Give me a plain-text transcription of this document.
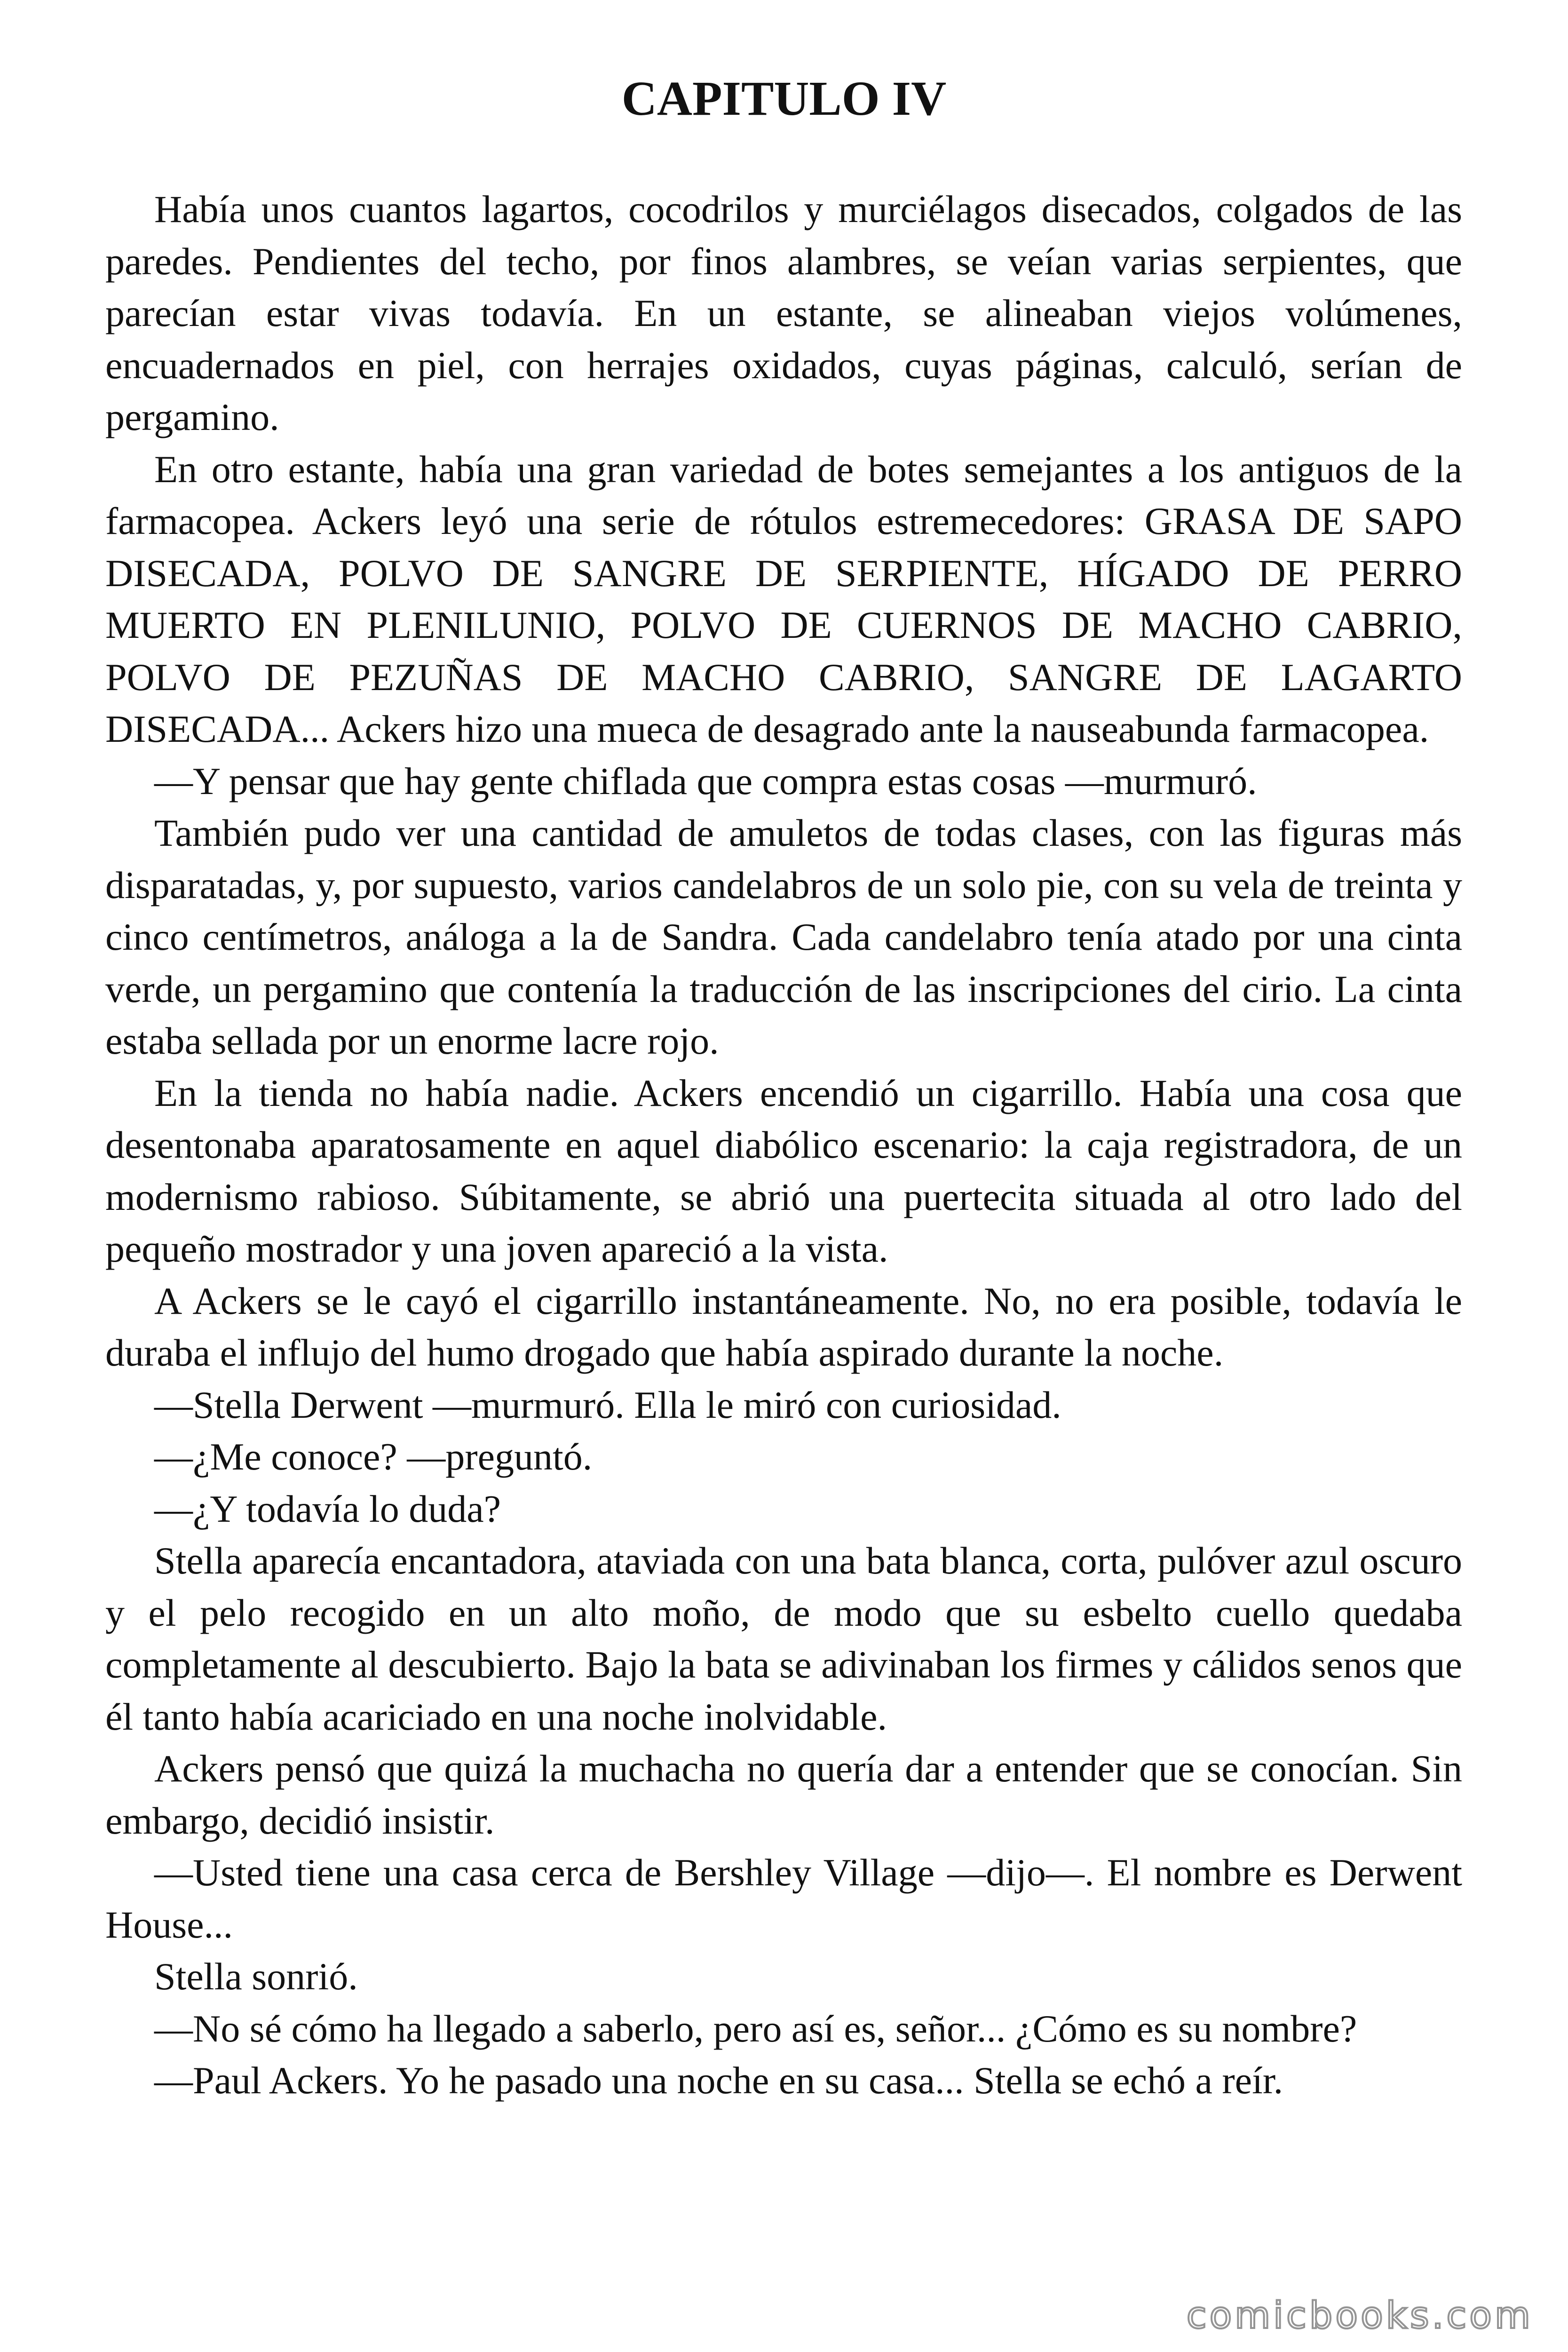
CAPITULO IV

Había unos cuantos lagartos, cocodrilos y murciélagos disecados, colgados de las paredes. Pendientes del techo, por finos alambres, se veían varias serpientes, que parecían estar vivas todavía. En un estante, se alineaban viejos volúmenes, encuadernados en piel, con herrajes oxidados, cuyas páginas, calculó, serían de pergamino.

En otro estante, había una gran variedad de botes semejantes a los antiguos de la farmacopea. Ackers leyó una serie de rótulos estremecedores: GRASA DE SAPO DISECADA, POLVO DE SANGRE DE SERPIENTE, HÍGADO DE PERRO MUERTO EN PLENILUNIO, POLVO DE CUERNOS DE MACHO CABRIO, POLVO DE PEZUÑAS DE MACHO CABRIO, SANGRE DE LAGARTO DISECADA... Ackers hizo una mueca de desagrado ante la nauseabunda farmacopea.

—Y pensar que hay gente chiflada que compra estas cosas —murmuró.

También pudo ver una cantidad de amuletos de todas clases, con las figuras más disparatadas, y, por supuesto, varios candelabros de un solo pie, con su vela de treinta y cinco centímetros, análoga a la de Sandra. Cada candelabro tenía atado por una cinta verde, un pergamino que contenía la traducción de las inscripciones del cirio. La cinta estaba sellada por un enorme lacre rojo.

En la tienda no había nadie. Ackers encendió un cigarrillo. Había una cosa que desentonaba aparatosamente en aquel diabólico escenario: la caja registradora, de un modernismo rabioso. Súbitamente, se abrió una puertecita situada al otro lado del pequeño mostrador y una joven apareció a la vista.

A Ackers se le cayó el cigarrillo instantáneamente. No, no era posible, todavía le duraba el influjo del humo drogado que había aspirado durante la noche.

—Stella Derwent —murmuró. Ella le miró con curiosidad.

—¿Me conoce? —preguntó.

—¿Y todavía lo duda?

Stella aparecía encantadora, ataviada con una bata blanca, corta, pulóver azul oscuro y el pelo recogido en un alto moño, de modo que su esbelto cuello quedaba completamente al descubierto. Bajo la bata se adivinaban los firmes y cálidos senos que él tanto había acariciado en una noche inolvidable.

Ackers pensó que quizá la muchacha no quería dar a entender que se conocían. Sin embargo, decidió insistir.

—Usted tiene una casa cerca de Bershley Village —dijo—. El nombre es Derwent House...

Stella sonrió.

—No sé cómo ha llegado a saberlo, pero así es, señor... ¿Cómo es su nombre?

—Paul Ackers. Yo he pasado una noche en su casa... Stella se echó a reír.

comicbooks.com
